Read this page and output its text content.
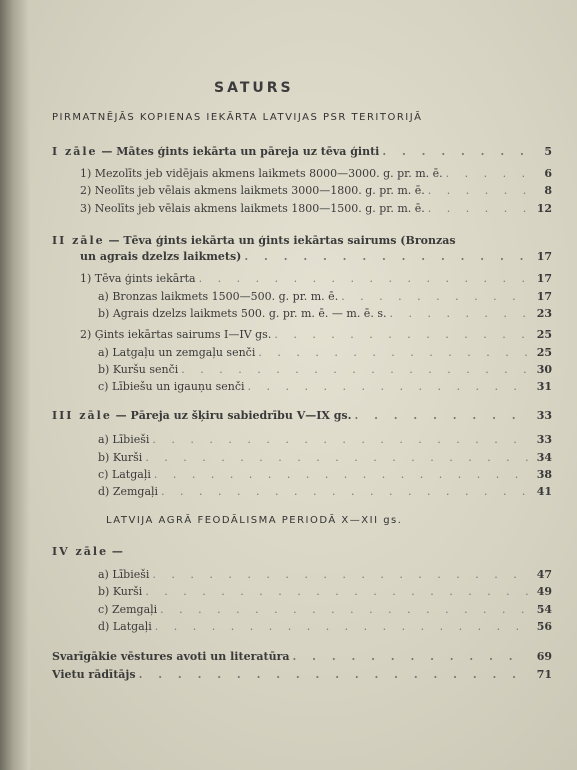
SATURS
PIRMATNĒJĀS KOPIENAS IEKĀRTA LATVIJAS PSR TERITORIJĀ
I zāle — Mātes ģints iekārta un pāreja uz tēva ģinti . . .	5
1) Mezolīts jeb vidējais akmens laikmets 8000—3000. g. pr. m. ē. . . .	6
2) Neolīts jeb vēlais akmens laikmets 3000—1800. g. pr. m. ē. . . .	8
3) Neolīts jeb vēlais akmens laikmets 1800—1500. g. pr. m. ē. . . .	12
II zāle — Tēva ģints iekārta un ģints iekārtas sairums (Bronzas
un agrais dzelzs laikmets) . . .	17
1) Tēva ģints iekārta . . .	17
a) Bronzas laikmets 1500—500. g. pr. m. ē. . . .	17
b) Agrais dzelzs laikmets 500. g. pr. m. ē. — m. ē. s. . . .	23
2) Ģints iekārtas sairums I—IV gs. . . .	25
a) Latgaļu un zemgaļu senči . . .	25
b) Kuršu senči . . .	30
c) Lībiešu un igauņu senči . . .	31
III zāle — Pāreja uz šķiru sabiedrību V—IX gs. . . .	33
a) Lībieši . . .	33
b) Kurši . . .	34
c) Latgaļi . . .	38
d) Zemgaļi . . .	41
LATVIJA AGRĀ FEODĀLISMA PERIODĀ X—XII gs.
IV zāle —
a) Lībieši . . .	47
b) Kurši . . .	49
c) Zemgaļi . . .	54
d) Latgaļi . . .	56
Svarīgākie vēstures avoti un literatūra . . .	69
Vietu rādītājs . . .	71
